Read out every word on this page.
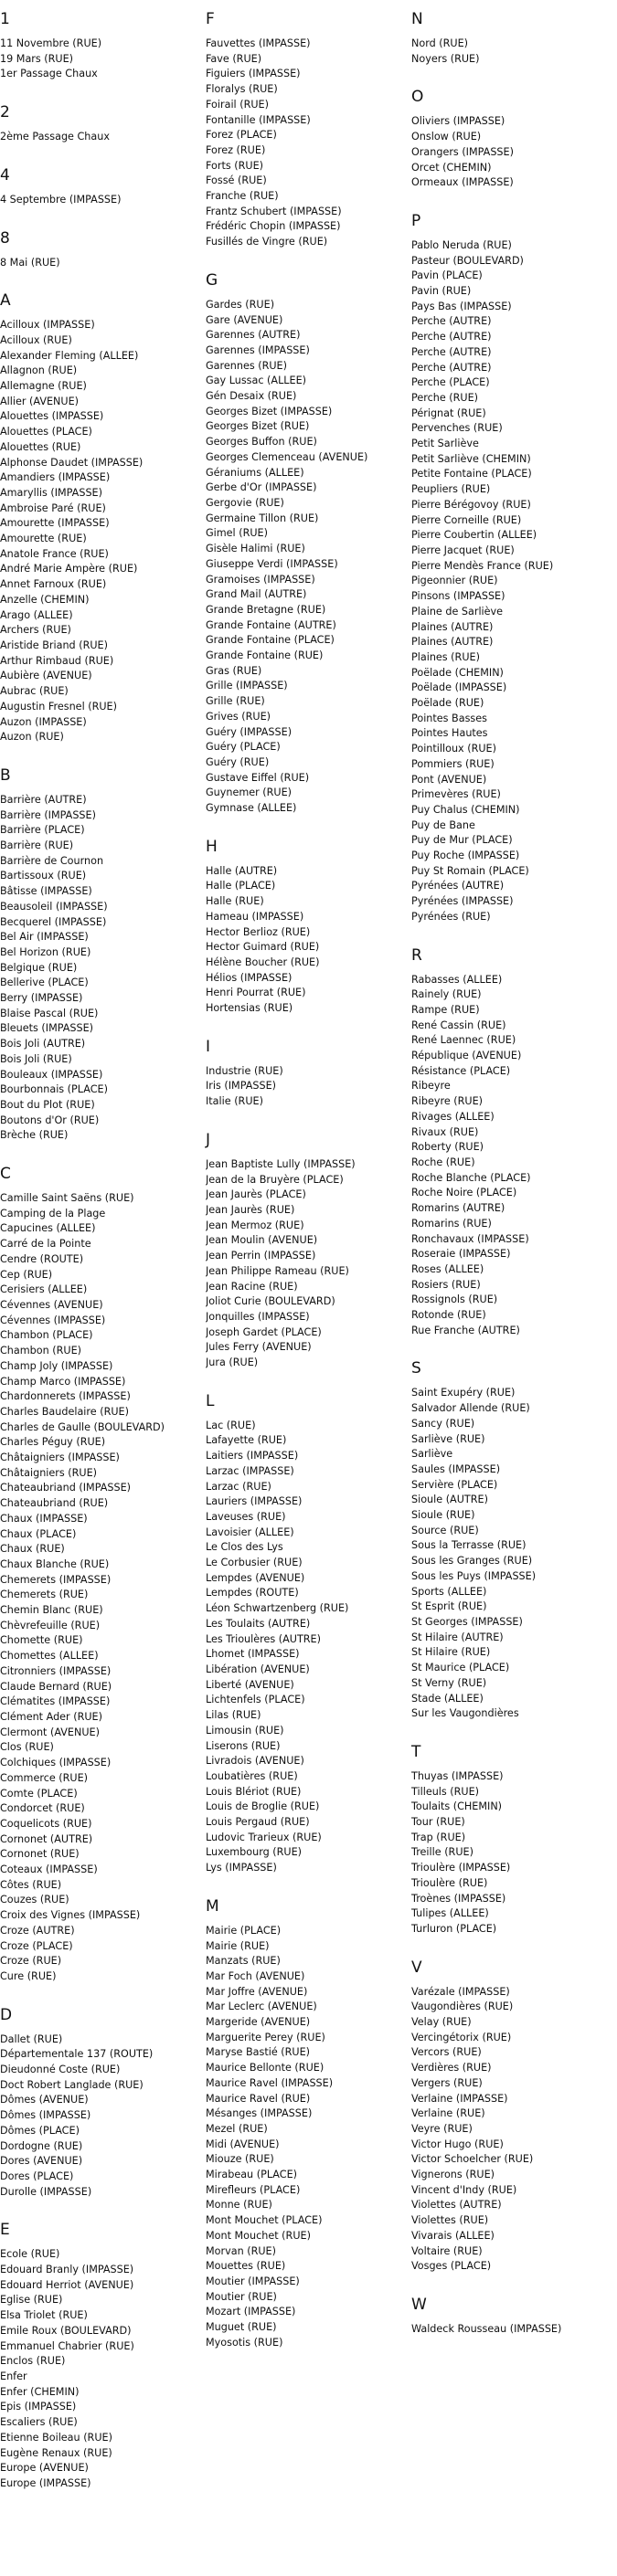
1
11 Novembre (RUE)
19 Mars (RUE)
1er Passage Chaux
2
2ème Passage Chaux
4
4 Septembre (IMPASSE)
8
8 Mai (RUE)
A
Acilloux (IMPASSE)
Acilloux (RUE)
Alexander Fleming (ALLEE)
Allagnon (RUE)
Allemagne (RUE)
Allier (AVENUE)
Alouettes (IMPASSE)
Alouettes (PLACE)
Alouettes (RUE)
Alphonse Daudet (IMPASSE)
Amandiers (IMPASSE)
Amaryllis (IMPASSE)
Ambroise Paré (RUE)
Amourette (IMPASSE)
Amourette (RUE)
Anatole France (RUE)
André Marie Ampère (RUE)
Annet Farnoux (RUE)
Anzelle (CHEMIN)
Arago (ALLEE)
Archers (RUE)
Aristide Briand (RUE)
Arthur Rimbaud (RUE)
Aubière (AVENUE)
Aubrac (RUE)
Augustin Fresnel (RUE)
Auzon (IMPASSE)
Auzon (RUE)
B
Barrière (AUTRE)
Barrière (IMPASSE)
Barrière (PLACE)
Barrière (RUE)
Barrière de Cournon
Bartissoux (RUE)
Bâtisse (IMPASSE)
Beausoleil (IMPASSE)
Becquerel (IMPASSE)
Bel Air (IMPASSE)
Bel Horizon (RUE)
Belgique (RUE)
Bellerive (PLACE)
Berry (IMPASSE)
Blaise Pascal (RUE)
Bleuets (IMPASSE)
Bois Joli (AUTRE)
Bois Joli (RUE)
Bouleaux (IMPASSE)
Bourbonnais (PLACE)
Bout du Plot (RUE)
Boutons d'Or (RUE)
Brèche (RUE)
C
Camille Saint Saëns (RUE)
Camping de la Plage
Capucines (ALLEE)
Carré de la Pointe
Cendre (ROUTE)
Cep (RUE)
Cerisiers (ALLEE)
Cévennes (AVENUE)
Cévennes (IMPASSE)
Chambon (PLACE)
Chambon (RUE)
Champ Joly (IMPASSE)
Champ Marco (IMPASSE)
Chardonnerets (IMPASSE)
Charles Baudelaire (RUE)
Charles de Gaulle (BOULEVARD)
Charles Péguy (RUE)
Châtaigniers (IMPASSE)
Châtaigniers (RUE)
Chateaubriand (IMPASSE)
Chateaubriand (RUE)
Chaux (IMPASSE)
Chaux (PLACE)
Chaux (RUE)
Chaux Blanche (RUE)
Chemerets (IMPASSE)
Chemerets (RUE)
Chemin Blanc (RUE)
Chèvrefeuille (RUE)
Chomette (RUE)
Chomettes (ALLEE)
Citronniers (IMPASSE)
Claude Bernard (RUE)
Clématites (IMPASSE)
Clément Ader (RUE)
Clermont (AVENUE)
Clos (RUE)
Colchiques (IMPASSE)
Commerce (RUE)
Comte (PLACE)
Condorcet (RUE)
Coquelicots (RUE)
Cornonet (AUTRE)
Cornonet (RUE)
Coteaux (IMPASSE)
Côtes (RUE)
Couzes (RUE)
Croix des Vignes (IMPASSE)
Croze (AUTRE)
Croze (PLACE)
Croze (RUE)
Cure (RUE)
D
Dallet (RUE)
Départementale 137 (ROUTE)
Dieudonné Coste (RUE)
Doct Robert Langlade (RUE)
Dômes (AVENUE)
Dômes (IMPASSE)
Dômes (PLACE)
Dordogne (RUE)
Dores (AVENUE)
Dores (PLACE)
Durolle (IMPASSE)
E
Ecole (RUE)
Edouard Branly (IMPASSE)
Edouard Herriot (AVENUE)
Eglise (RUE)
Elsa Triolet (RUE)
Emile Roux (BOULEVARD)
Emmanuel Chabrier (RUE)
Enclos (RUE)
Enfer
Enfer (CHEMIN)
Epis (IMPASSE)
Escaliers (RUE)
Etienne Boileau (RUE)
Eugène Renaux (RUE)
Europe (AVENUE)
Europe (IMPASSE)
F
Fauvettes (IMPASSE)
Fave (RUE)
Figuiers (IMPASSE)
Floralys (RUE)
Foirail (RUE)
Fontanille (IMPASSE)
Forez (PLACE)
Forez (RUE)
Forts (RUE)
Fossé (RUE)
Franche (RUE)
Frantz Schubert (IMPASSE)
Frédéric Chopin (IMPASSE)
Fusillés de Vingre (RUE)
G
Gardes (RUE)
Gare (AVENUE)
Garennes (AUTRE)
Garennes (IMPASSE)
Garennes (RUE)
Gay Lussac (ALLEE)
Gén Desaix (RUE)
Georges Bizet (IMPASSE)
Georges Bizet (RUE)
Georges Buffon (RUE)
Georges Clemenceau (AVENUE)
Géraniums (ALLEE)
Gerbe d'Or (IMPASSE)
Gergovie (RUE)
Germaine Tillon (RUE)
Gimel (RUE)
Gisèle Halimi (RUE)
Giuseppe Verdi (IMPASSE)
Gramoises (IMPASSE)
Grand Mail (AUTRE)
Grande Bretagne (RUE)
Grande Fontaine (AUTRE)
Grande Fontaine (PLACE)
Grande Fontaine (RUE)
Gras (RUE)
Grille (IMPASSE)
Grille (RUE)
Grives (RUE)
Guéry (IMPASSE)
Guéry (PLACE)
Guéry (RUE)
Gustave Eiffel (RUE)
Guynemer (RUE)
Gymnase (ALLEE)
H
Halle (AUTRE)
Halle (PLACE)
Halle (RUE)
Hameau (IMPASSE)
Hector Berlioz (RUE)
Hector Guimard (RUE)
Hélène Boucher (RUE)
Hélios (IMPASSE)
Henri Pourrat (RUE)
Hortensias (RUE)
I
Industrie (RUE)
Iris (IMPASSE)
Italie (RUE)
J
Jean Baptiste Lully (IMPASSE)
Jean de la Bruyère (PLACE)
Jean Jaurès (PLACE)
Jean Jaurès (RUE)
Jean Mermoz (RUE)
Jean Moulin (AVENUE)
Jean Perrin (IMPASSE)
Jean Philippe Rameau (RUE)
Jean Racine (RUE)
Joliot Curie (BOULEVARD)
Jonquilles (IMPASSE)
Joseph Gardet (PLACE)
Jules Ferry (AVENUE)
Jura (RUE)
L
Lac (RUE)
Lafayette (RUE)
Laitiers (IMPASSE)
Larzac (IMPASSE)
Larzac (RUE)
Lauriers (IMPASSE)
Laveuses (RUE)
Lavoisier (ALLEE)
Le Clos des Lys
Le Corbusier (RUE)
Lempdes (AVENUE)
Lempdes (ROUTE)
Léon Schwartzenberg (RUE)
Les Toulaits (AUTRE)
Les Trioulères (AUTRE)
Lhomet (IMPASSE)
Libération (AVENUE)
Liberté (AVENUE)
Lichtenfels (PLACE)
Lilas (RUE)
Limousin (RUE)
Liserons (RUE)
Livradois (AVENUE)
Loubatières (RUE)
Louis Blériot (RUE)
Louis de Broglie (RUE)
Louis Pergaud (RUE)
Ludovic Trarieux (RUE)
Luxembourg (RUE)
Lys (IMPASSE)
M
Mairie (PLACE)
Mairie (RUE)
Manzats (RUE)
Mar Foch (AVENUE)
Mar Joffre (AVENUE)
Mar Leclerc (AVENUE)
Margeride (AVENUE)
Marguerite Perey (RUE)
Maryse Bastié (RUE)
Maurice Bellonte (RUE)
Maurice Ravel (IMPASSE)
Maurice Ravel (RUE)
Mésanges (IMPASSE)
Mezel (RUE)
Midi (AVENUE)
Miouze (RUE)
Mirabeau (PLACE)
Mirefleurs (PLACE)
Monne (RUE)
Mont Mouchet (PLACE)
Mont Mouchet (RUE)
Morvan (RUE)
Mouettes (RUE)
Moutier (IMPASSE)
Moutier (RUE)
Mozart (IMPASSE)
Muguet (RUE)
Myosotis (RUE)
N
Nord (RUE)
Noyers (RUE)
O
Oliviers (IMPASSE)
Onslow (RUE)
Orangers (IMPASSE)
Orcet (CHEMIN)
Ormeaux (IMPASSE)
P
Pablo Neruda (RUE)
Pasteur (BOULEVARD)
Pavin (PLACE)
Pavin (RUE)
Pays Bas (IMPASSE)
Perche (AUTRE)
Perche (AUTRE)
Perche (AUTRE)
Perche (AUTRE)
Perche (PLACE)
Perche (RUE)
Pérignat (RUE)
Pervenches (RUE)
Petit Sarliève
Petit Sarliève (CHEMIN)
Petite Fontaine (PLACE)
Peupliers (RUE)
Pierre Bérégovoy (RUE)
Pierre Corneille (RUE)
Pierre Coubertin (ALLEE)
Pierre Jacquet (RUE)
Pierre Mendès France (RUE)
Pigeonnier (RUE)
Pinsons (IMPASSE)
Plaine de Sarliève
Plaines (AUTRE)
Plaines (AUTRE)
Plaines (RUE)
Poëlade (CHEMIN)
Poëlade (IMPASSE)
Poëlade (RUE)
Pointes Basses
Pointes Hautes
Pointilloux (RUE)
Pommiers (RUE)
Pont (AVENUE)
Primevères (RUE)
Puy Chalus (CHEMIN)
Puy de Bane
Puy de Mur (PLACE)
Puy Roche (IMPASSE)
Puy St Romain (PLACE)
Pyrénées (AUTRE)
Pyrénées (IMPASSE)
Pyrénées (RUE)
R
Rabasses (ALLEE)
Rainely (RUE)
Rampe (RUE)
René Cassin (RUE)
René Laennec (RUE)
République (AVENUE)
Résistance (PLACE)
Ribeyre
Ribeyre (RUE)
Rivages (ALLEE)
Rivaux (RUE)
Roberty (RUE)
Roche (RUE)
Roche Blanche (PLACE)
Roche Noire (PLACE)
Romarins (AUTRE)
Romarins (RUE)
Ronchavaux (IMPASSE)
Roseraie (IMPASSE)
Roses (ALLEE)
Rosiers (RUE)
Rossignols (RUE)
Rotonde (RUE)
Rue Franche (AUTRE)
S
Saint Exupéry (RUE)
Salvador Allende (RUE)
Sancy (RUE)
Sarliève (RUE)
Sarliève
Saules (IMPASSE)
Servière (PLACE)
Sioule (AUTRE)
Sioule (RUE)
Source (RUE)
Sous la Terrasse (RUE)
Sous les Granges (RUE)
Sous les Puys (IMPASSE)
Sports (ALLEE)
St Esprit (RUE)
St Georges (IMPASSE)
St Hilaire (AUTRE)
St Hilaire (RUE)
St Maurice (PLACE)
St Verny (RUE)
Stade (ALLEE)
Sur les Vaugondières
T
Thuyas (IMPASSE)
Tilleuls (RUE)
Toulaits (CHEMIN)
Tour (RUE)
Trap (RUE)
Treille (RUE)
Trioulère (IMPASSE)
Trioulère (RUE)
Troènes (IMPASSE)
Tulipes (ALLEE)
Turluron (PLACE)
V
Varézale (IMPASSE)
Vaugondières (RUE)
Velay (RUE)
Vercingétorix (RUE)
Vercors (RUE)
Verdières (RUE)
Vergers (RUE)
Verlaine (IMPASSE)
Verlaine (RUE)
Veyre (RUE)
Victor Hugo (RUE)
Victor Schoelcher (RUE)
Vignerons (RUE)
Vincent d'Indy (RUE)
Violettes (AUTRE)
Violettes (RUE)
Vivarais (ALLEE)
Voltaire (RUE)
Vosges (PLACE)
W
Waldeck Rousseau (IMPASSE)
